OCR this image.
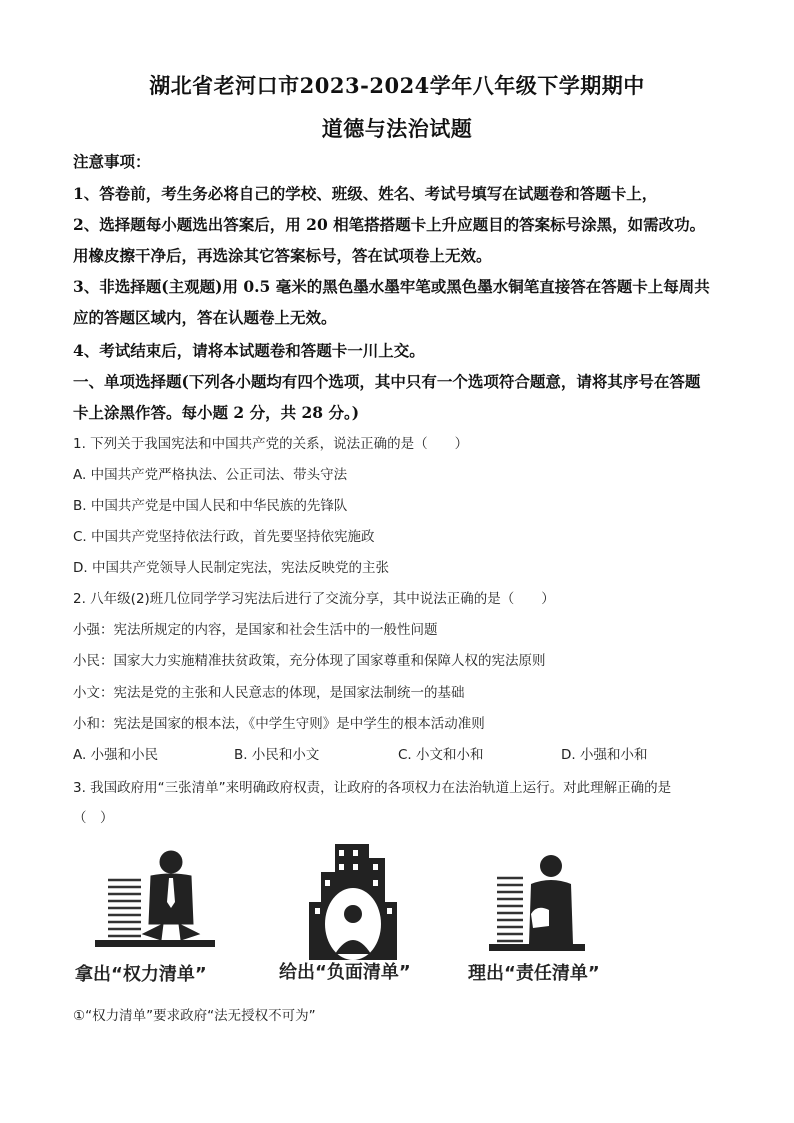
湖北省老河口市2023-2024学年八年级下学期期中
道德与法治试题
注意事项：
1、答卷前，考生务必将自己的学校、班级、姓名、考试号填写在试题卷和答题卡上，
2、选择题每小题选出答案后，用 20 相笔搭搭题卡上升应题目的答案标号涂黑，如需改功。
用橡皮擦干净后，再选涂其它答案标号，答在试项卷上无效。
3、非选择题(主观题)用 0.5 毫米的黑色墨水墨牢笔或黑色墨水铜笔直接答在答题卡上每周共
应的答题区域内，答在认题卷上无效。
4、考试结束后，请将本试题卷和答题卡一川上交。
一、单项选择题(下列各小题均有四个选项，其中只有一个选项符合题意，请将其序号在答题
卡上涂黑作答。每小题 2 分，共 28 分。)
1. 下列关于我国宪法和中国共产党的关系，说法正确的是（　　）
A. 中国共产党严格执法、公正司法、带头守法
B. 中国共产党是中国人民和中华民族的先锋队
C. 中国共产党坚持依法行政，首先要坚持依宪施政
D. 中国共产党领导人民制定宪法，宪法反映党的主张
2. 八年级(2)班几位同学学习宪法后进行了交流分享，其中说法正确的是（　　）
小强：宪法所规定的内容，是国家和社会生活中的一般性问题
小民：国家大力实施精准扶贫政策，充分体现了国家尊重和保障人权的宪法原则
小文：宪法是党的主张和人民意志的体现，是国家法制统一的基础
小和：宪法是国家的根本法，《中学生守则》是中学生的根本活动准则
A. 小强和小民	B. 小民和小文	C. 小文和小和	D. 小强和小和
3. 我国政府用“三张清单”来明确政府权责，让政府的各项权力在法治轨道上运行。对此理解正确的是
（　）
拿出“权力清单”	给出“负面清单”	理出“责任清单”
①“权力清单”要求政府“法无授权不可为”
